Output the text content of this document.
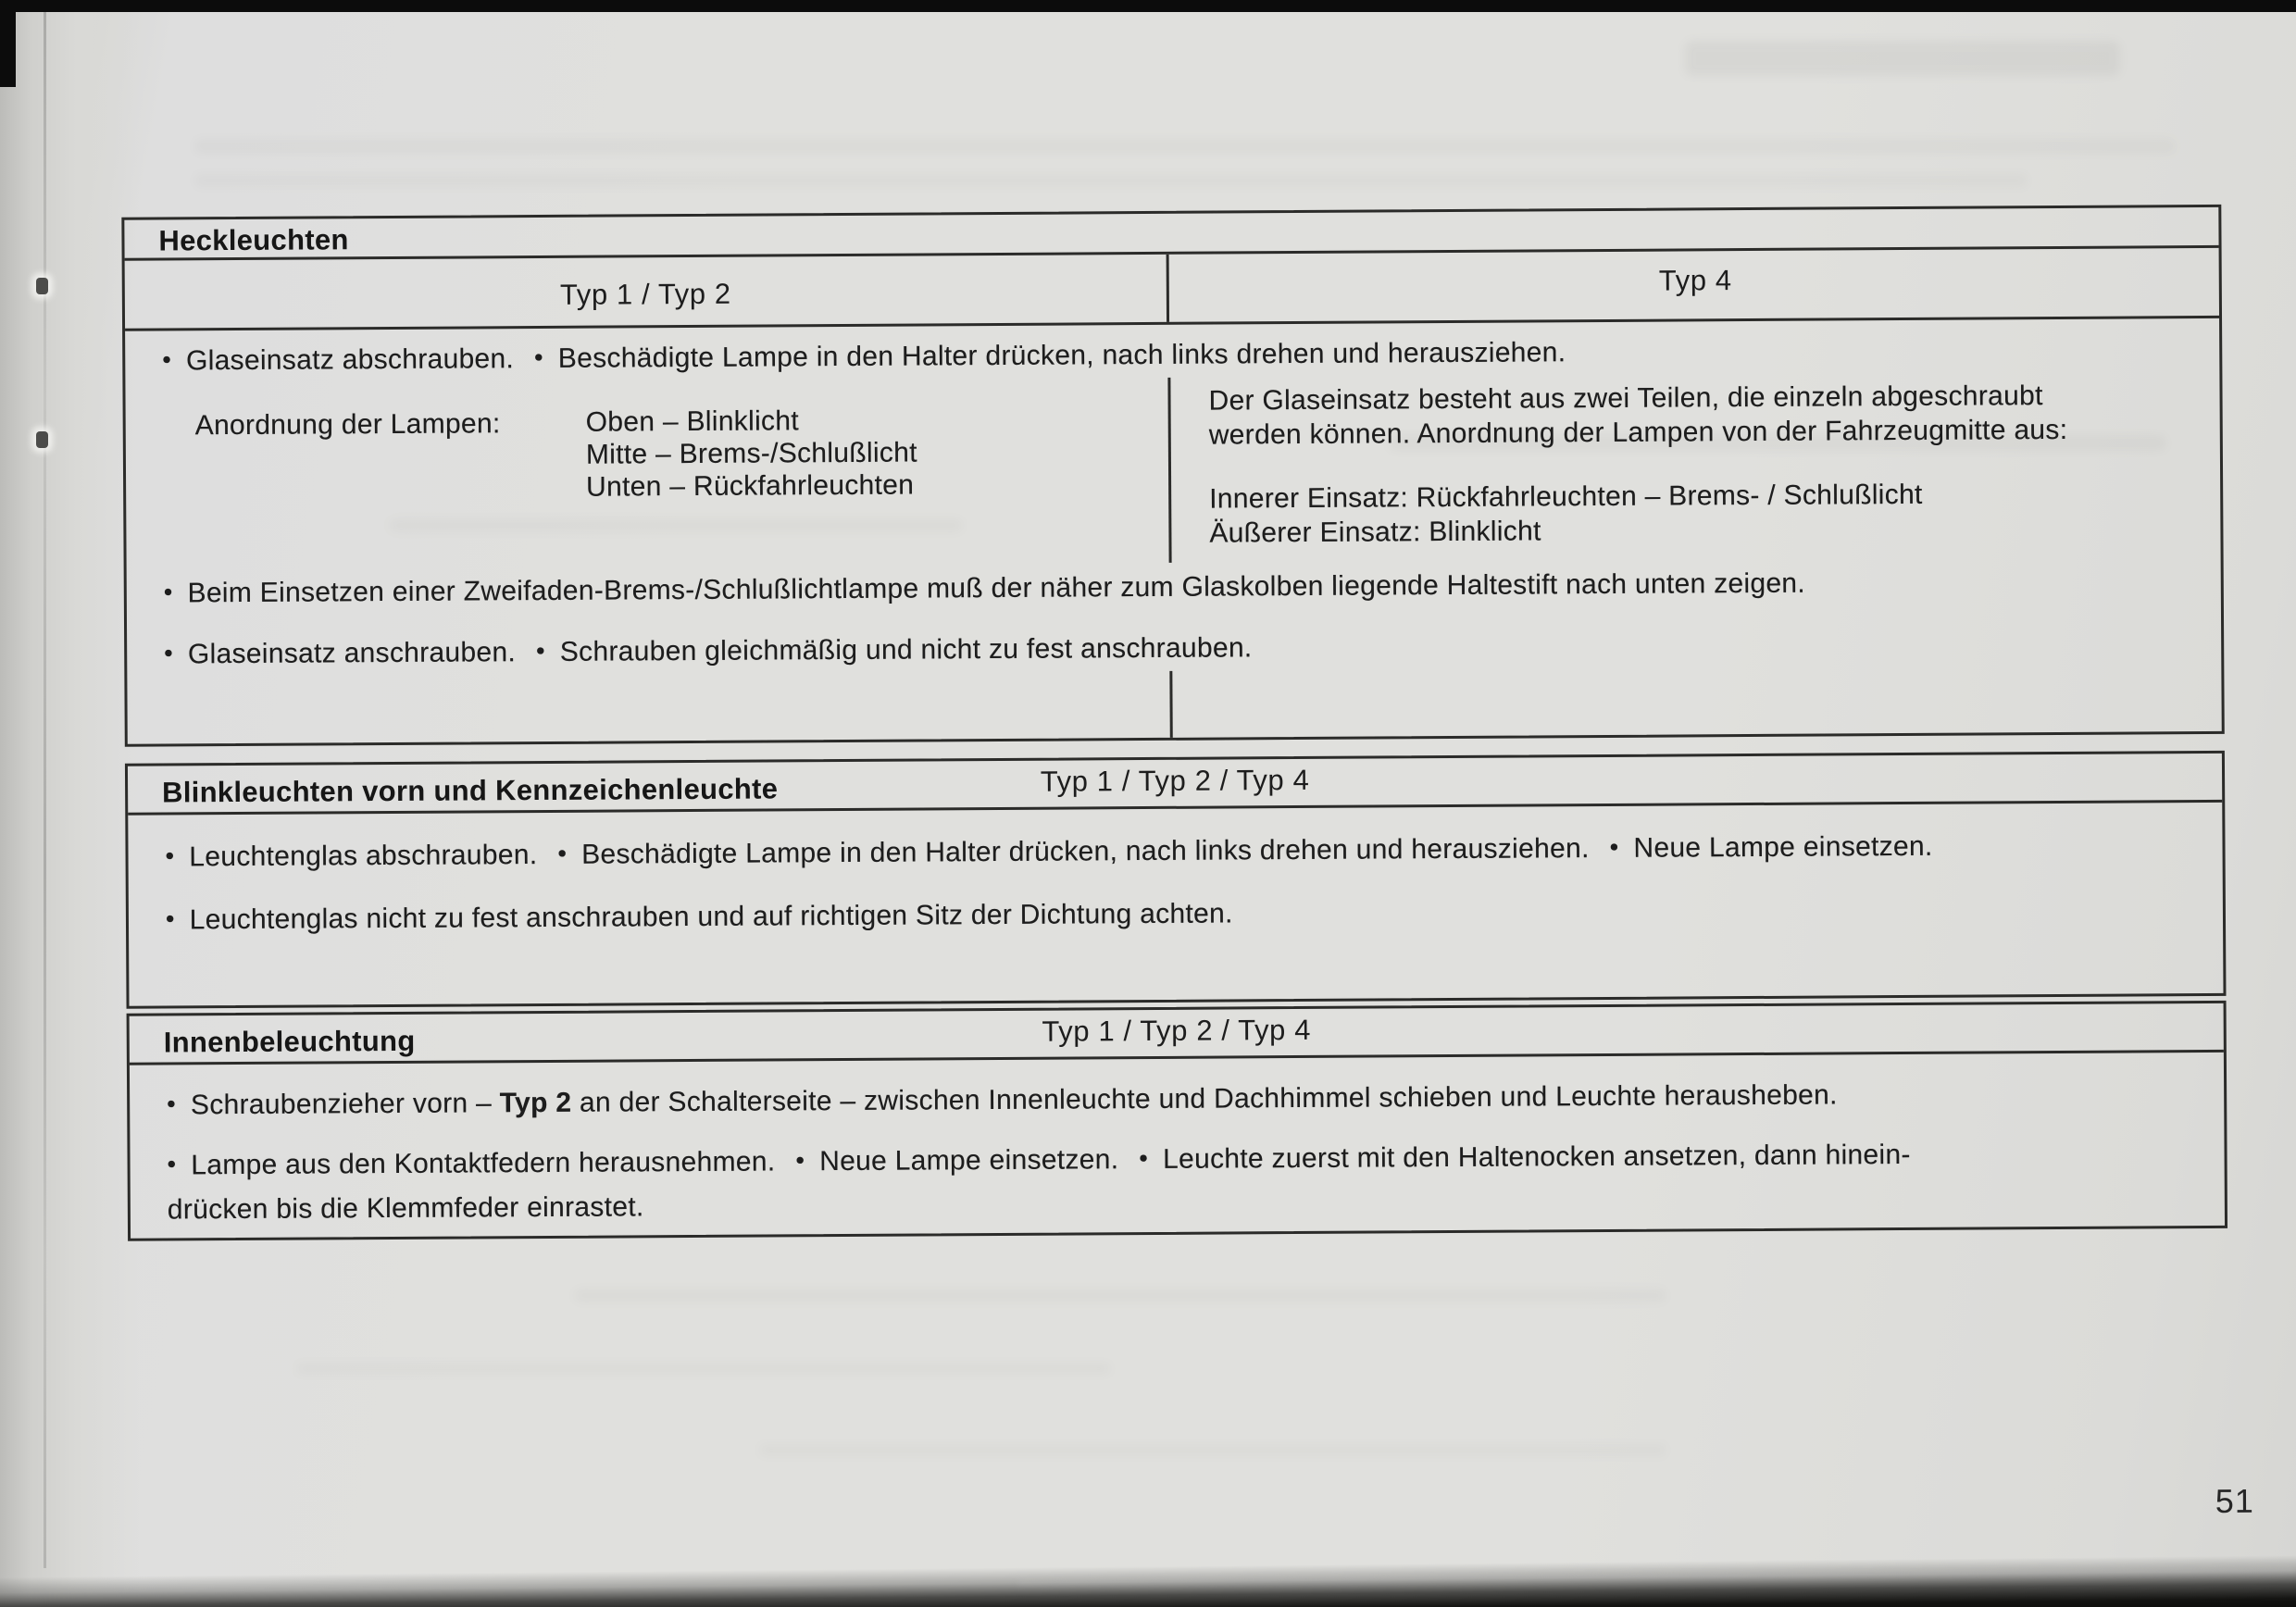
Heckleuchten
Typ 1 / Typ 2	Typ 4
• Glaseinsatz abschrauben. • Beschädigte Lampe in den Halter drücken, nach links drehen und herausziehen.
Anordnung der Lampen:	Oben – Blinklicht
Mitte – Brems-/Schlußlicht
Unten – Rückfahrleuchten
Der Glaseinsatz besteht aus zwei Teilen, die einzeln abgeschraubt
werden können. Anordnung der Lampen von der Fahrzeugmitte aus:
Innerer Einsatz: Rückfahrleuchten – Brems- / Schlußlicht
Äußerer Einsatz: Blinklicht
• Beim Einsetzen einer Zweifaden-Brems-/Schlußlichtlampe muß der näher zum Glaskolben liegende Haltestift nach unten zeigen.
• Glaseinsatz anschrauben. • Schrauben gleichmäßig und nicht zu fest anschrauben.
Blinkleuchten vorn und Kennzeichenleuchte	Typ 1 / Typ 2 / Typ 4
• Leuchtenglas abschrauben. • Beschädigte Lampe in den Halter drücken, nach links drehen und herausziehen. • Neue Lampe einsetzen.
• Leuchtenglas nicht zu fest anschrauben und auf richtigen Sitz der Dichtung achten.
Innenbeleuchtung	Typ 1 / Typ 2 / Typ 4
• Schraubenzieher vorn – Typ 2 an der Schalterseite – zwischen Innenleuchte und Dachhimmel schieben und Leuchte herausheben.
• Lampe aus den Kontaktfedern herausnehmen. • Neue Lampe einsetzen. • Leuchte zuerst mit den Haltenocken ansetzen, dann hinein-
drücken bis die Klemmfeder einrastet.
51
